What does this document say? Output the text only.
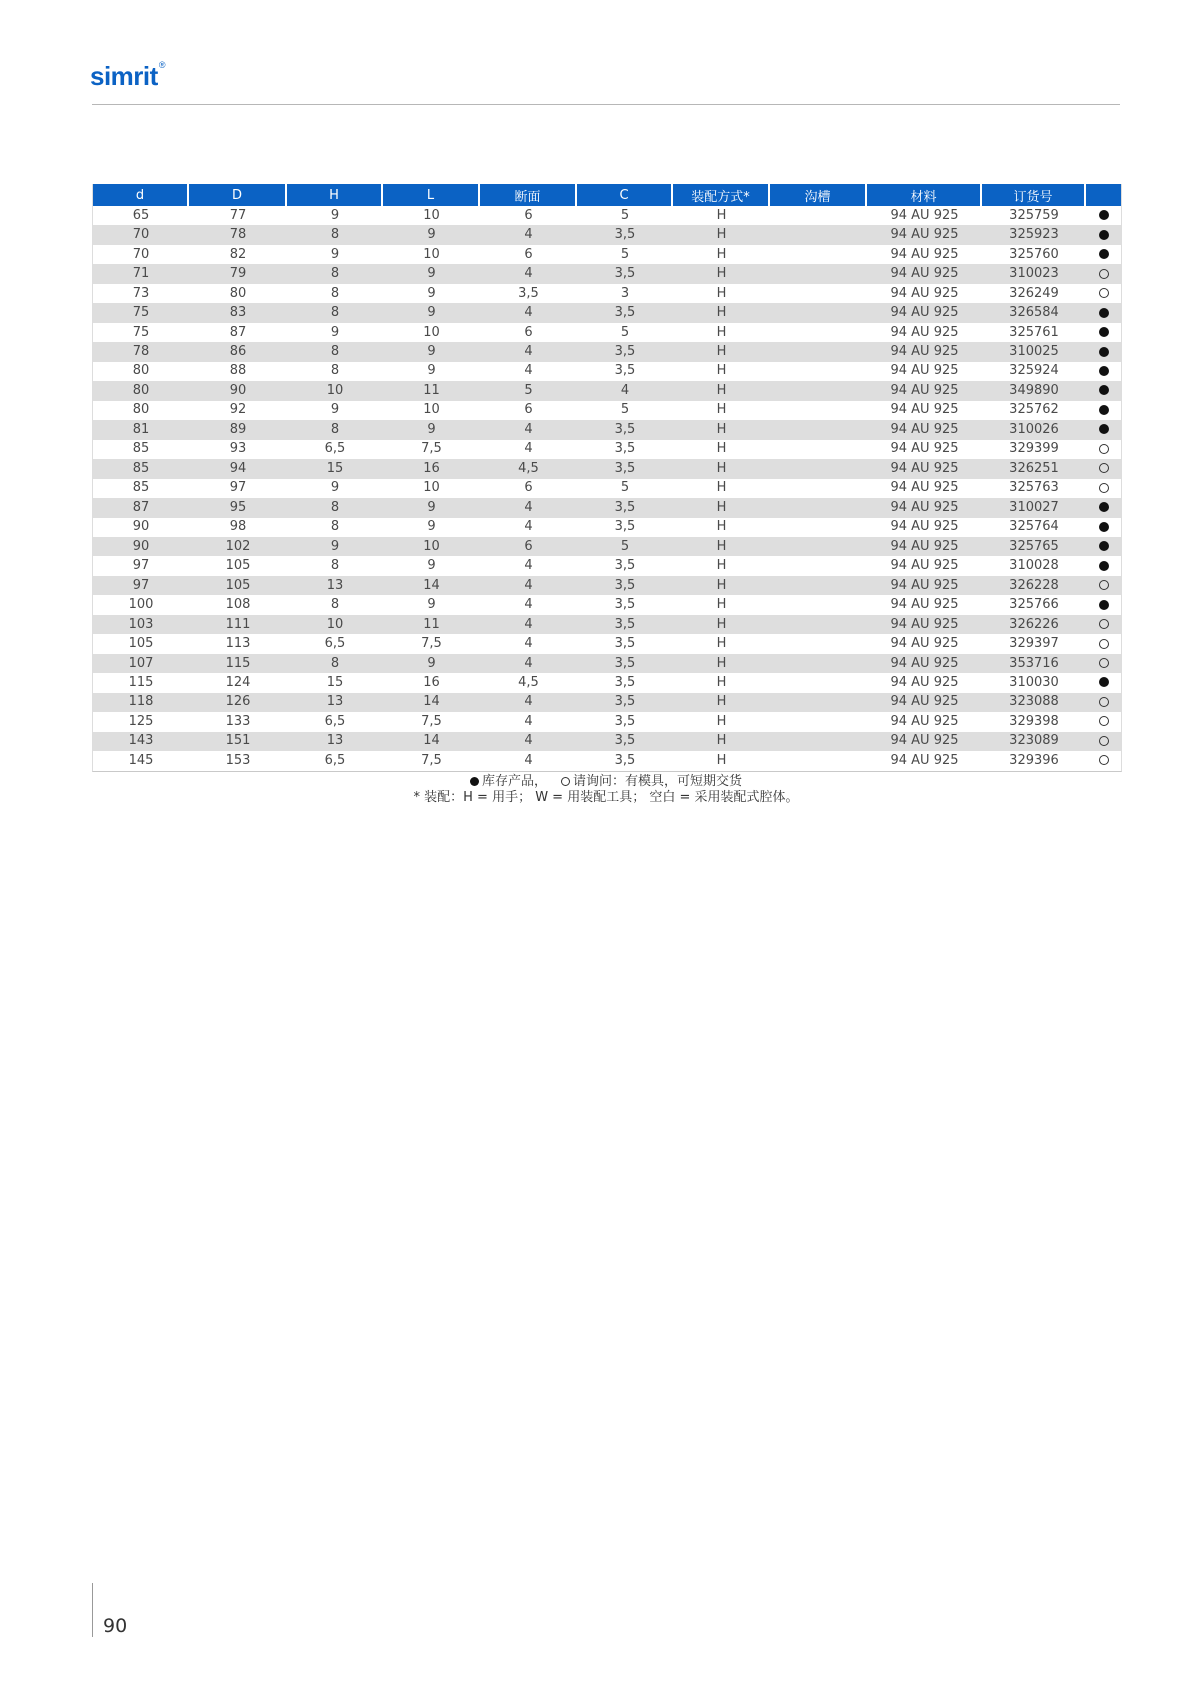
simrit ®
d	D	H	L	断面	C	装配方式*	沟槽	材料	订货号	
65	77	9	10	6	5	H		94 AU 925	325759	
70	78	8	9	4	3,5	H		94 AU 925	325923	
70	82	9	10	6	5	H		94 AU 925	325760	
71	79	8	9	4	3,5	H		94 AU 925	310023	
73	80	8	9	3,5	3	H		94 AU 925	326249	
75	83	8	9	4	3,5	H		94 AU 925	326584	
75	87	9	10	6	5	H		94 AU 925	325761	
78	86	8	9	4	3,5	H		94 AU 925	310025	
80	88	8	9	4	3,5	H		94 AU 925	325924	
80	90	10	11	5	4	H		94 AU 925	349890	
80	92	9	10	6	5	H		94 AU 925	325762	
81	89	8	9	4	3,5	H		94 AU 925	310026	
85	93	6,5	7,5	4	3,5	H		94 AU 925	329399	
85	94	15	16	4,5	3,5	H		94 AU 925	326251	
85	97	9	10	6	5	H		94 AU 925	325763	
87	95	8	9	4	3,5	H		94 AU 925	310027	
90	98	8	9	4	3,5	H		94 AU 925	325764	
90	102	9	10	6	5	H		94 AU 925	325765	
97	105	8	9	4	3,5	H		94 AU 925	310028	
97	105	13	14	4	3,5	H		94 AU 925	326228	
100	108	8	9	4	3,5	H		94 AU 925	325766	
103	111	10	11	4	3,5	H		94 AU 925	326226	
105	113	6,5	7,5	4	3,5	H		94 AU 925	329397	
107	115	8	9	4	3,5	H		94 AU 925	353716	
115	124	15	16	4,5	3,5	H		94 AU 925	310030	
118	126	13	14	4	3,5	H		94 AU 925	323088	
125	133	6,5	7,5	4	3,5	H		94 AU 925	329398	
143	151	13	14	4	3,5	H		94 AU 925	323089	
145	153	6,5	7,5	4	3,5	H		94 AU 925	329396	
库存产品， 请询问：有模具，可短期交货
* 装配：H = 用手； W = 用装配工具； 空白 = 采用装配式腔体。
90
